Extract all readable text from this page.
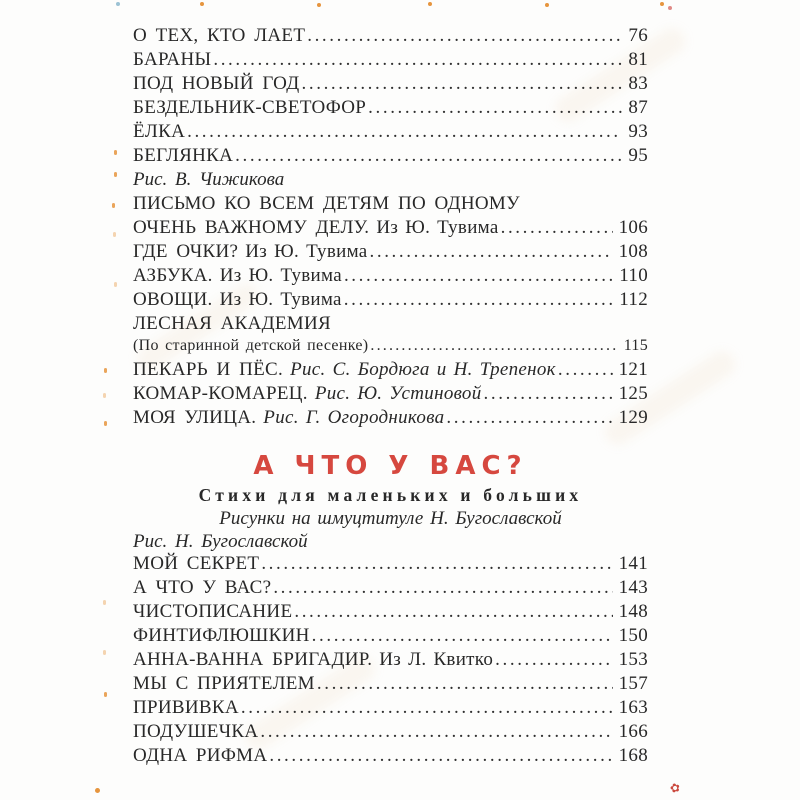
✿
О ТЕХ, КТО ЛАЕТ .....	76
БАРАНЫ .....	81
ПОД НОВЫЙ ГОД .....	83
БЕЗДЕЛЬНИК-СВЕТОФОР .....	87
ЁЛКА .....	93
БЕГЛЯНКА .....	95
Рис. В. Чижикова
ПИСЬМО КО ВСЕМ ДЕТЯМ ПО ОДНОМУ
ОЧЕНЬ ВАЖНОМУ ДЕЛУ. Из Ю. Тувима .....	106
ГДЕ ОЧКИ? Из Ю. Тувима .....	108
АЗБУКА. Из Ю. Тувима .....	110
ОВОЩИ. Из Ю. Тувима .....	112
ЛЕСНАЯ АКАДЕМИЯ
(По старинной детской песенке) .....	115
ПЕКАРЬ И ПЁС. Рис. С. Бордюга и Н. Трепенок .....	121
КОМАР-КОМАРЕЦ. Рис. Ю. Устиновой .....	125
МОЯ УЛИЦА. Рис. Г. Огородникова .....	129
А ЧТО У ВАС?
Стихи для маленьких и больших
Рисунки на шмуцтитуле Н. Бугославской
Рис. Н. Бугославской
МОЙ СЕКРЕТ .....	141
А ЧТО У ВАС? .....	143
ЧИСТОПИСАНИЕ .....	148
ФИНТИФЛЮШКИН .....	150
АННА-ВАННА БРИГАДИР. Из Л. Квитко .....	153
МЫ С ПРИЯТЕЛЕМ .....	157
ПРИВИВКА .....	163
ПОДУШЕЧКА .....	166
ОДНА РИФМА .....	168
